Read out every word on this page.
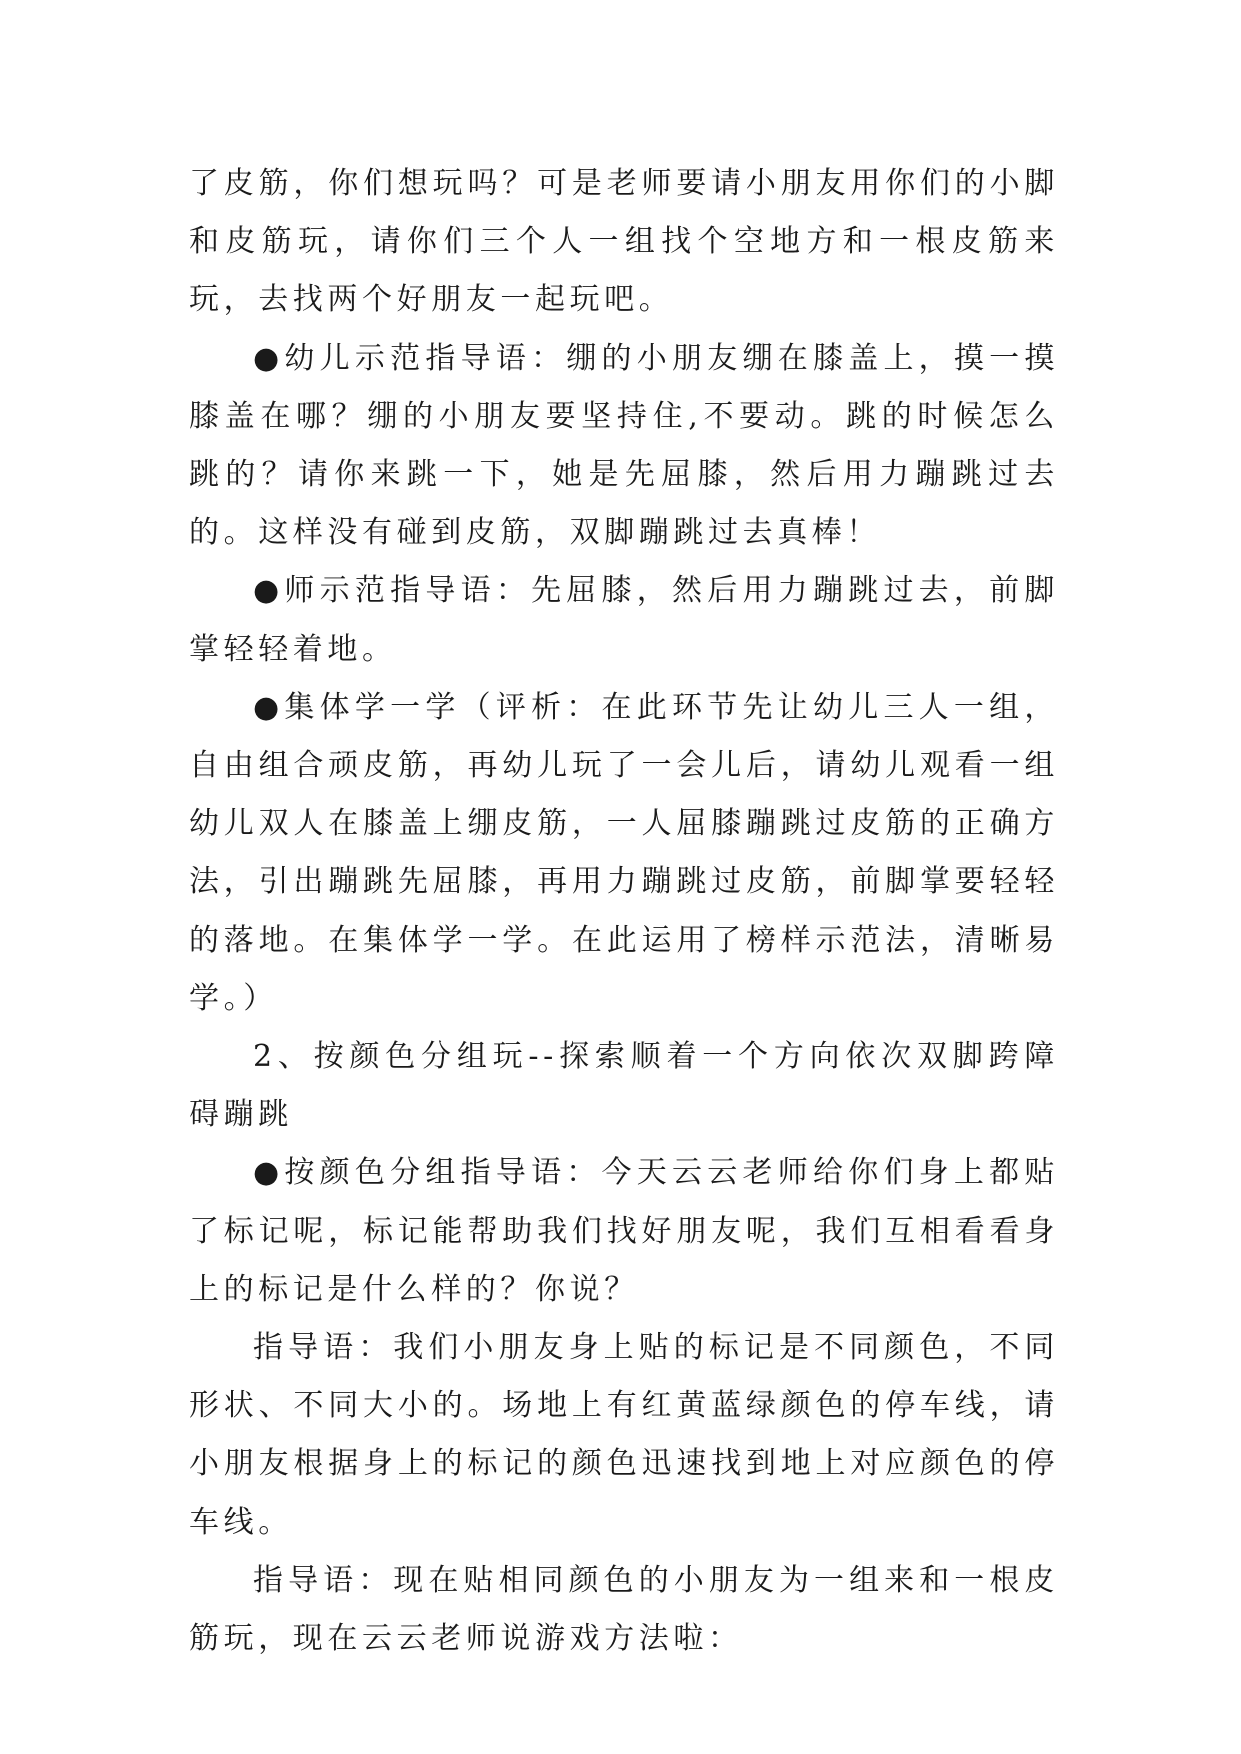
了皮筋，你们想玩吗？可是老师要请小朋友用你们的小脚和皮筋玩，请你们三个人一组找个空地方和一根皮筋来玩，去找两个好朋友一起玩吧。

●幼儿示范指导语：绷的小朋友绷在膝盖上，摸一摸膝盖在哪？绷的小朋友要坚持住,不要动。跳的时候怎么跳的？请你来跳一下，她是先屈膝，然后用力蹦跳过去的。这样没有碰到皮筋，双脚蹦跳过去真棒！

●师示范指导语：先屈膝，然后用力蹦跳过去，前脚掌轻轻着地。

●集体学一学（评析：在此环节先让幼儿三人一组，自由组合顽皮筋，再幼儿玩了一会儿后，请幼儿观看一组幼儿双人在膝盖上绷皮筋，一人屈膝蹦跳过皮筋的正确方法，引出蹦跳先屈膝，再用力蹦跳过皮筋，前脚掌要轻轻的落地。在集体学一学。在此运用了榜样示范法，清晰易学。）

2、按颜色分组玩--探索顺着一个方向依次双脚跨障碍蹦跳

●按颜色分组指导语：今天云云老师给你们身上都贴了标记呢，标记能帮助我们找好朋友呢，我们互相看看身上的标记是什么样的？你说？

指导语：我们小朋友身上贴的标记是不同颜色，不同形状、不同大小的。场地上有红黄蓝绿颜色的停车线，请小朋友根据身上的标记的颜色迅速找到地上对应颜色的停车线。

指导语：现在贴相同颜色的小朋友为一组来和一根皮筋玩，现在云云老师说游戏方法啦：
